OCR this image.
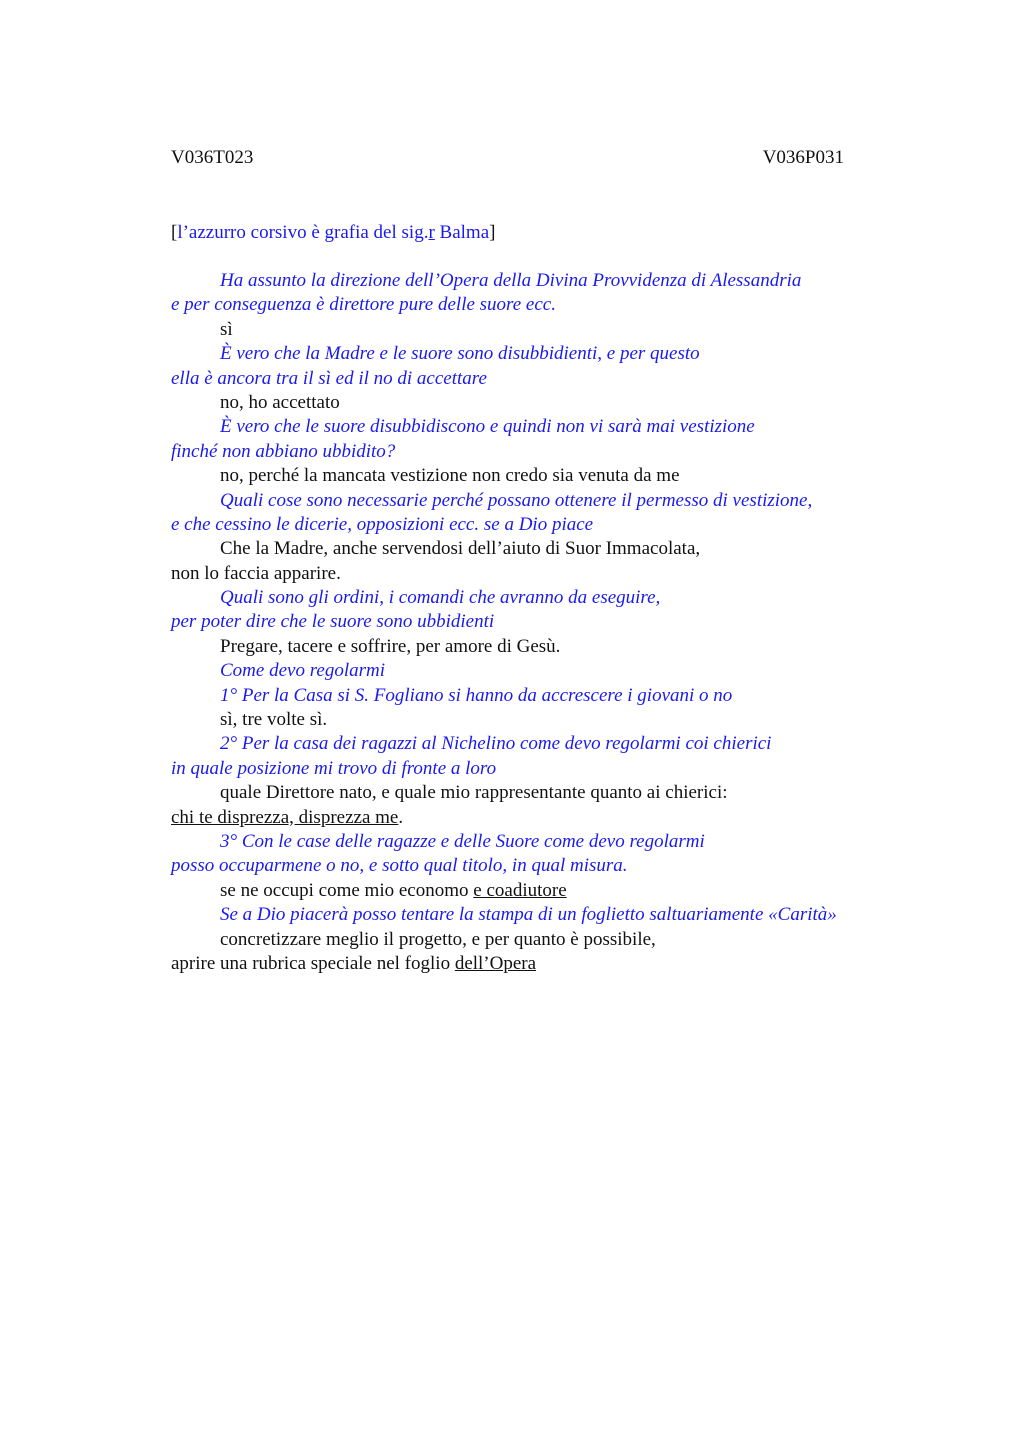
V036T023	V036P031
[l’azzurro corsivo è grafia del sig.r Balma]
Ha assunto la direzione dell’Opera della Divina Provvidenza di Alessandria
e per conseguenza è direttore pure delle suore ecc.
sì
È vero che la Madre e le suore sono disubbidienti, e per questo
ella è ancora tra il sì ed il no di accettare
no, ho accettato
È vero che le suore disubbidiscono e quindi non vi sarà mai vestizione
finché non abbiano ubbidito?
no, perché la mancata vestizione non credo sia venuta da me
Quali cose sono necessarie perché possano ottenere il permesso di vestizione,
e che cessino le dicerie, opposizioni ecc. se a Dio piace
Che la Madre, anche servendosi dell’aiuto di Suor Immacolata,
non lo faccia apparire.
Quali sono gli ordini, i comandi che avranno da eseguire,
per poter dire che le suore sono ubbidienti
Pregare, tacere e soffrire, per amore di Gesù.
Come devo regolarmi
1° Per la Casa si S. Fogliano si hanno da accrescere i giovani o no
sì, tre volte sì.
2° Per la casa dei ragazzi al Nichelino come devo regolarmi coi chierici
in quale posizione mi trovo di fronte a loro
quale Direttore nato, e quale mio rappresentante quanto ai chierici:
chi te disprezza, disprezza me.
3° Con le case delle ragazze e delle Suore come devo regolarmi
posso occuparmene o no, e sotto qual titolo, in qual misura.
se ne occupi come mio economo e coadiutore
Se a Dio piacerà posso tentare la stampa di un foglietto saltuariamente «Carità»
concretizzare meglio il progetto, e per quanto è possibile,
aprire una rubrica speciale nel foglio dell’Opera
